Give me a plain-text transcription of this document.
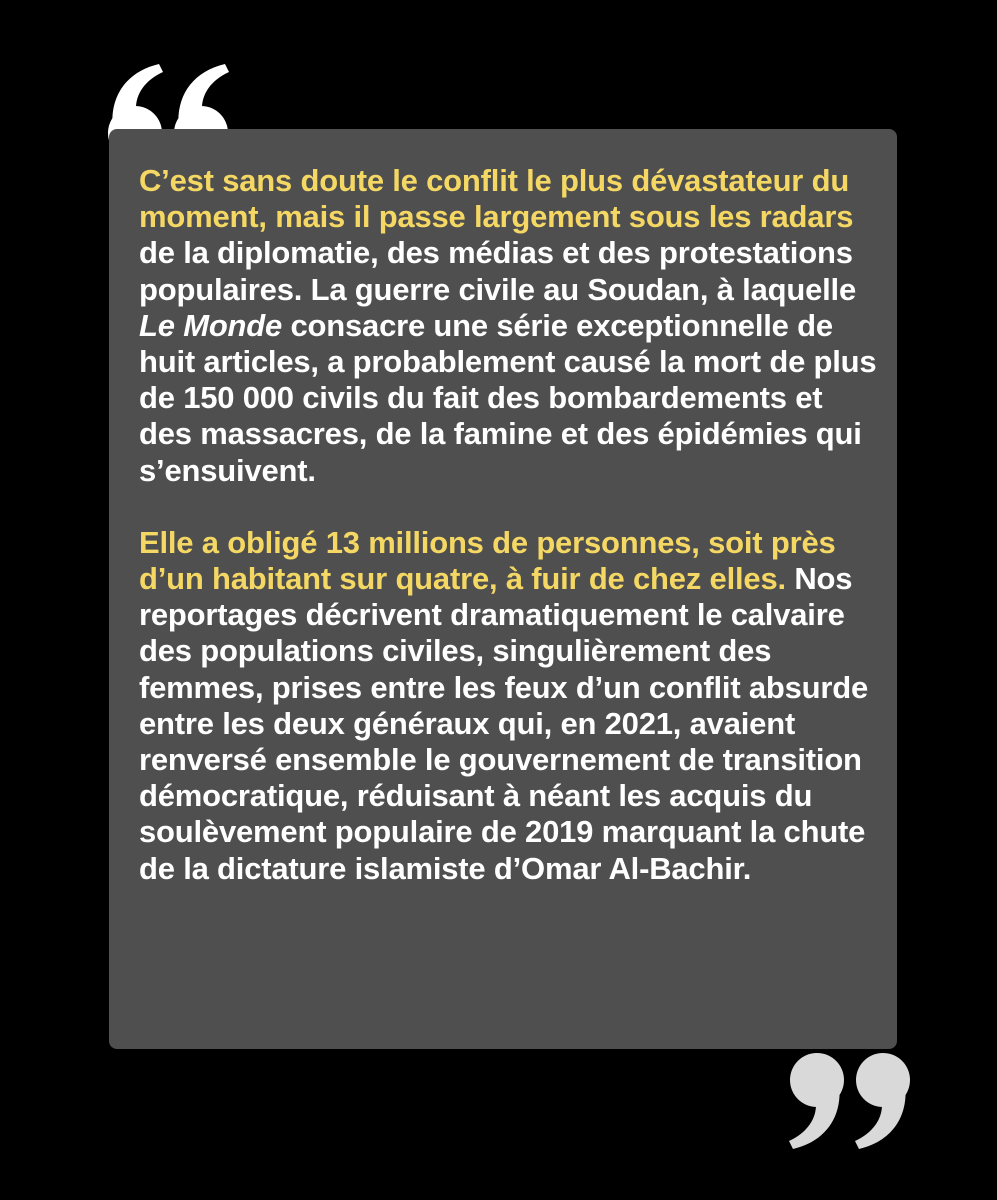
C’est sans doute le conflit le plus dévastateur du moment, mais il passe largement sous les radars de la diplomatie, des médias et des protestations populaires. La guerre civile au Soudan, à laquelle Le Monde consacre une série exceptionnelle de huit articles, a probablement causé la mort de plus de 150 000 civils du fait des bombardements et des massacres, de la famine et des épidémies qui s’ensuivent.

Elle a obligé 13 millions de personnes, soit près d’un habitant sur quatre, à fuir de chez elles. Nos reportages décrivent dramatiquement le calvaire des populations civiles, singulièrement des femmes, prises entre les feux d’un conflit absurde entre les deux généraux qui, en 2021, avaient renversé ensemble le gouvernement de transition démocratique, réduisant à néant les acquis du soulèvement populaire de 2019 marquant la chute de la dictature islamiste d’Omar Al-Bachir.
